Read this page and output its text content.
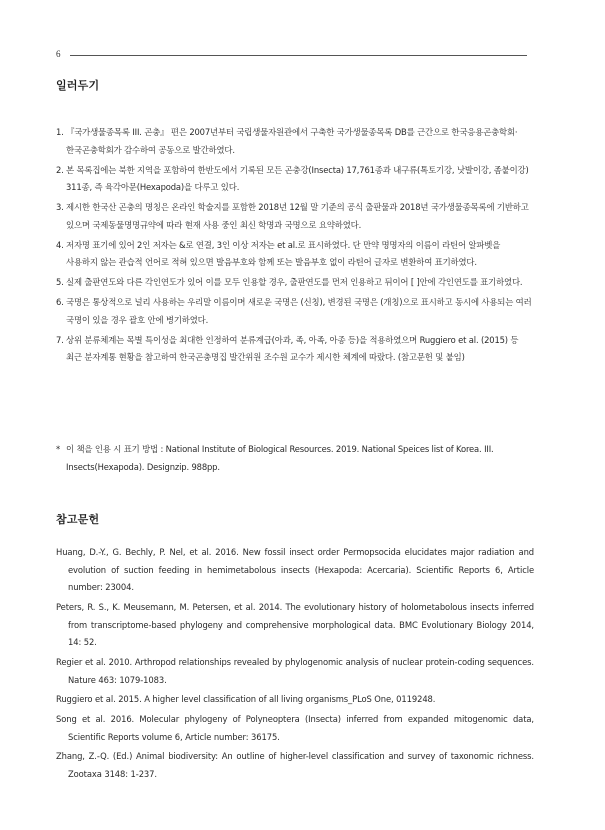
6
일러두기
1. 『국가생물종목록 III. 곤충』 편은 2007년부터 국립생물자원관에서 구축한 국가생물종목록 DB를 근간으로 한국응용곤충학회·한국곤충학회가 감수하여 공동으로 발간하였다.
2. 본 목록집에는 북한 지역을 포함하여 한반도에서 기록된 모든 곤충강(Insecta) 17,761종과 내구류(톡토기강, 낫발이강, 좀붙이강) 311종, 즉 육각아문(Hexapoda)을 다루고 있다.
3. 제시한 한국산 곤충의 명칭은 온라인 학술지를 포함한 2018년 12월 말 기준의 공식 출판물과 2018년 국가생물종목록에 기반하고 있으며 국제동물명명규약에 따라 현재 사용 중인 최신 학명과 국명으로 요약하였다.
4. 저자명 표기에 있어 2인 저자는 &로 연결, 3인 이상 저자는 et al.로 표시하였다. 단 만약 명명자의 이름이 라틴어 알파벳을 사용하지 않는 관습적 언어로 적혀 있으면 발음부호와 함께 또는 발음부호 없이 라틴어 글자로 변환하여 표기하였다.
5. 실제 출판연도와 다른 각인연도가 있어 이를 모두 인용할 경우, 출판연도를 먼저 인용하고 뒤이어 [ ]안에 각인연도를 표기하였다.
6. 국명은 통상적으로 널리 사용하는 우리말 이름이며 새로운 국명은 (신칭), 변경된 국명은 (개칭)으로 표시하고 동시에 사용되는 여러 국명이 있을 경우 괄호 안에 병기하였다.
7. 상위 분류체계는 목별 특이성을 최대한 인정하여 분류계급(아과, 족, 아족, 아종 등)을 적용하였으며 Ruggiero et al. (2015) 등 최근 분자계통 현황을 참고하여 한국곤충명집 발간위원 조수원 교수가 제시한 체계에 따랐다. (참고문헌 및 붙임)
* 이 책을 인용 시 표기 방법 : National Institute of Biological Resources. 2019. National Speices list of Korea. III. Insects(Hexapoda). Designzip. 988pp.
참고문헌
Huang, D.-Y., G. Bechly, P. Nel, et al. 2016. New fossil insect order Permopsocida elucidates major radiation and evolution of suction feeding in hemimetabolous insects (Hexapoda: Acercaria). Scientific Reports 6, Article number: 23004.
Peters, R. S., K. Meusemann, M. Petersen, et al. 2014. The evolutionary history of holometabolous insects inferred from transcriptome-based phylogeny and comprehensive morphological data. BMC Evolutionary Biology 2014, 14: 52.
Regier et al. 2010. Arthropod relationships revealed by phylogenomic analysis of nuclear protein-coding sequences. Nature 463: 1079-1083.
Ruggiero et al. 2015. A higher level classification of all living organisms_PLoS One, 0119248.
Song et al. 2016. Molecular phylogeny of Polyneoptera (Insecta) inferred from expanded mitogenomic data, Scientific Reports volume 6, Article number: 36175.
Zhang, Z.-Q. (Ed.) Animal biodiversity: An outline of higher-level classification and survey of taxonomic richness. Zootaxa 3148: 1-237.
